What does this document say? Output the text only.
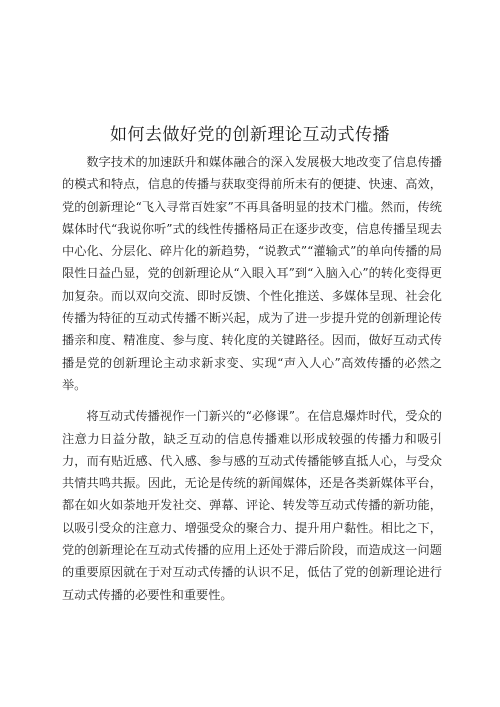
如何去做好党的创新理论互动式传播

数字技术的加速跃升和媒体融合的深入发展极大地改变了信息传播的模式和特点，信息的传播与获取变得前所未有的便捷、快速、高效，党的创新理论“飞入寻常百姓家”不再具备明显的技术门槛。然而，传统媒体时代“我说你听”式的线性传播格局正在逐步改变，信息传播呈现去中心化、分层化、碎片化的新趋势，“说教式”“灌输式”的单向传播的局限性日益凸显，党的创新理论从“入眼入耳”到“入脑入心”的转化变得更加复杂。而以双向交流、即时反馈、个性化推送、多媒体呈现、社会化传播为特征的互动式传播不断兴起，成为了进一步提升党的创新理论传播亲和度、精准度、参与度、转化度的关键路径。因而，做好互动式传播是党的创新理论主动求新求变、实现“声入人心”高效传播的必然之举。

将互动式传播视作一门新兴的“必修课”。在信息爆炸时代，受众的注意力日益分散，缺乏互动的信息传播难以形成较强的传播力和吸引力，而有贴近感、代入感、参与感的互动式传播能够直抵人心，与受众共情共鸣共振。因此，无论是传统的新闻媒体，还是各类新媒体平台，都在如火如荼地开发社交、弹幕、评论、转发等互动式传播的新功能，以吸引受众的注意力、增强受众的聚合力、提升用户黏性。相比之下，党的创新理论在互动式传播的应用上还处于滞后阶段，而造成这一问题的重要原因就在于对互动式传播的认识不足，低估了党的创新理论进行互动式传播的必要性和重要性。
